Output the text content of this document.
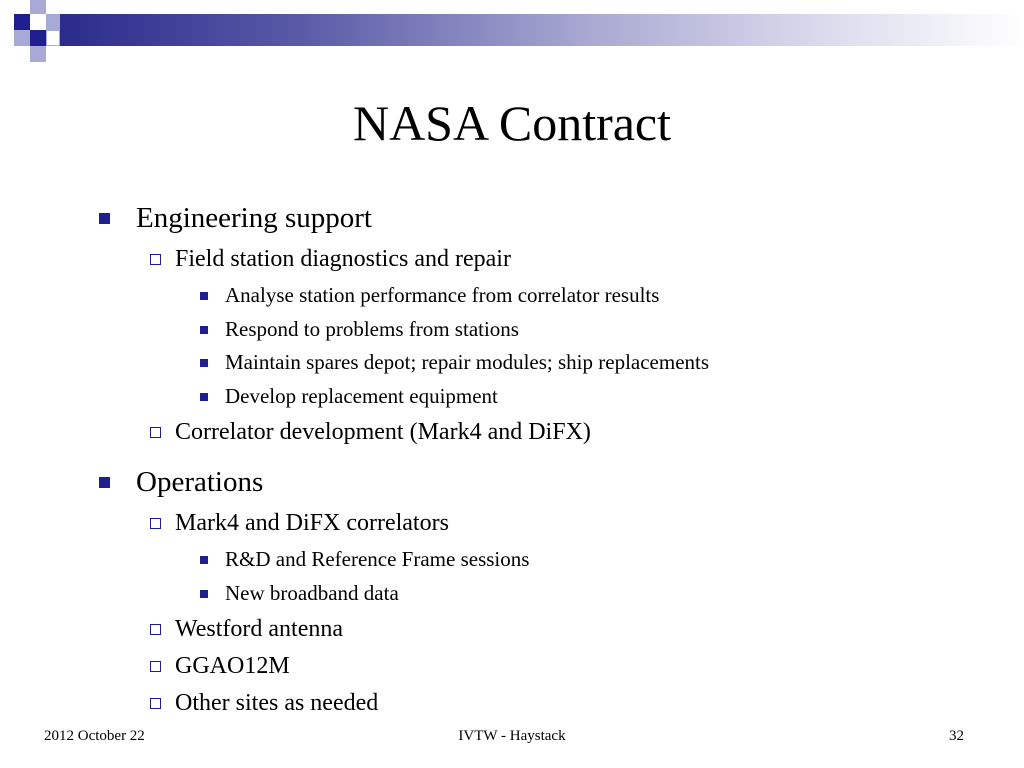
NASA Contract
Engineering support
Field station diagnostics and repair
Analyse station performance from correlator results
Respond to problems from stations
Maintain spares depot; repair modules; ship replacements
Develop replacement equipment
Correlator development (Mark4 and DiFX)
Operations
Mark4 and DiFX correlators
R&D and Reference Frame sessions
New broadband data
Westford antenna
GGAO12M
Other sites as needed
2012 October 22	IVTW - Haystack	32
